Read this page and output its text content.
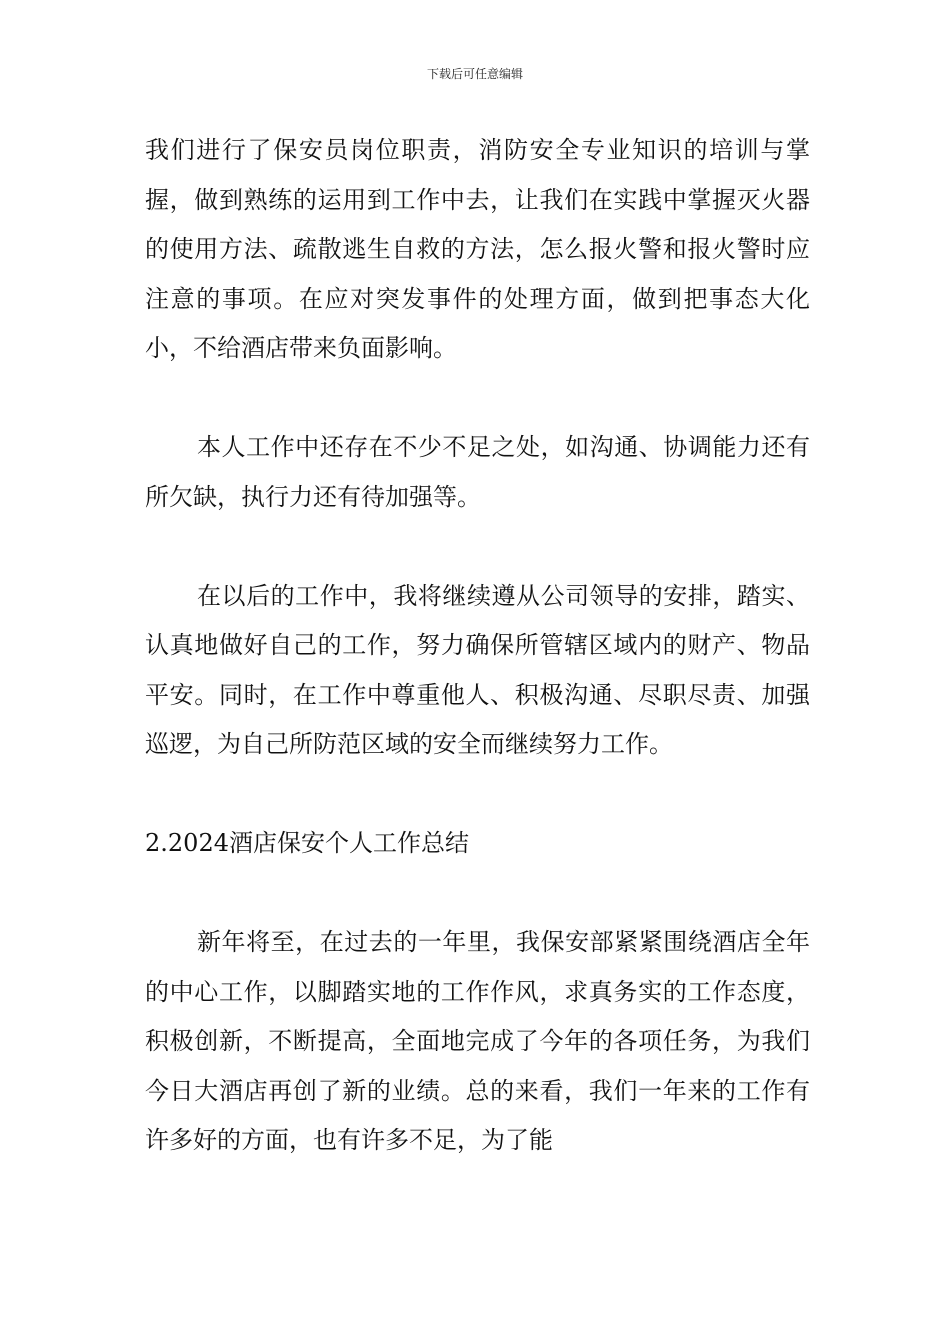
下载后可任意编辑

我们进行了保安员岗位职责，消防安全专业知识的培训与掌握，做到熟练的运用到工作中去，让我们在实践中掌握灭火器的使用方法、疏散逃生自救的方法，怎么报火警和报火警时应注意的事项。在应对突发事件的处理方面，做到把事态大化小，不给酒店带来负面影响。

本人工作中还存在不少不足之处，如沟通、协调能力还有所欠缺，执行力还有待加强等。

在以后的工作中，我将继续遵从公司领导的安排，踏实、认真地做好自己的工作，努力确保所管辖区域内的财产、物品平安。同时，在工作中尊重他人、积极沟通、尽职尽责、加强巡逻，为自己所防范区域的安全而继续努力工作。

2.2024酒店保安个人工作总结

新年将至，在过去的一年里，我保安部紧紧围绕酒店全年的中心工作，以脚踏实地的工作作风，求真务实的工作态度，积极创新，不断提高，全面地完成了今年的各项任务，为我们今日大酒店再创了新的业绩。总的来看，我们一年来的工作有许多好的方面，也有许多不足，为了能
